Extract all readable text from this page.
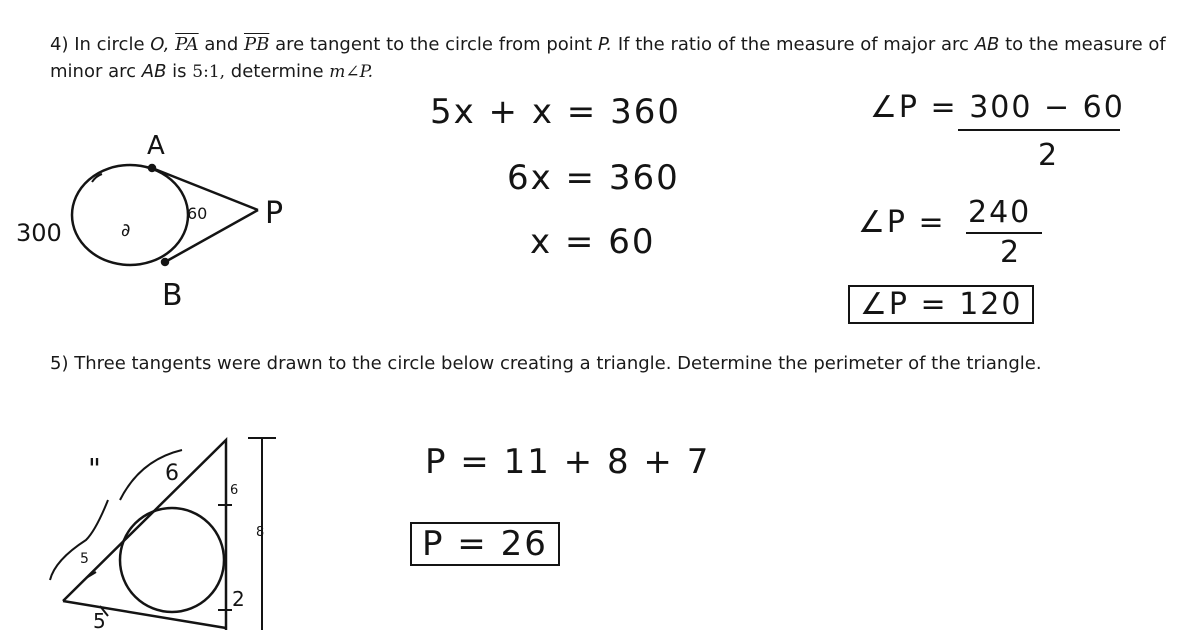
4) In circle O, $\overline{PA}$ and $\overline{PB}$ are tangent to the circle from point P. If the ratio of the measure of major arc AB to the measure of minor arc AB is 5:1, determine m∠P.
5x + x = 360
6x = 360
x = 60
∠P = 300 − 60
2
∠P = 240
2
∠P = 120
5) Three tangents were drawn to the circle below creating a triangle. Determine the perimeter of the triangle.
P = 11 + 8 + 7
P = 26
A
B
P
∂
300
60
6
"
6
8
5
5
2
